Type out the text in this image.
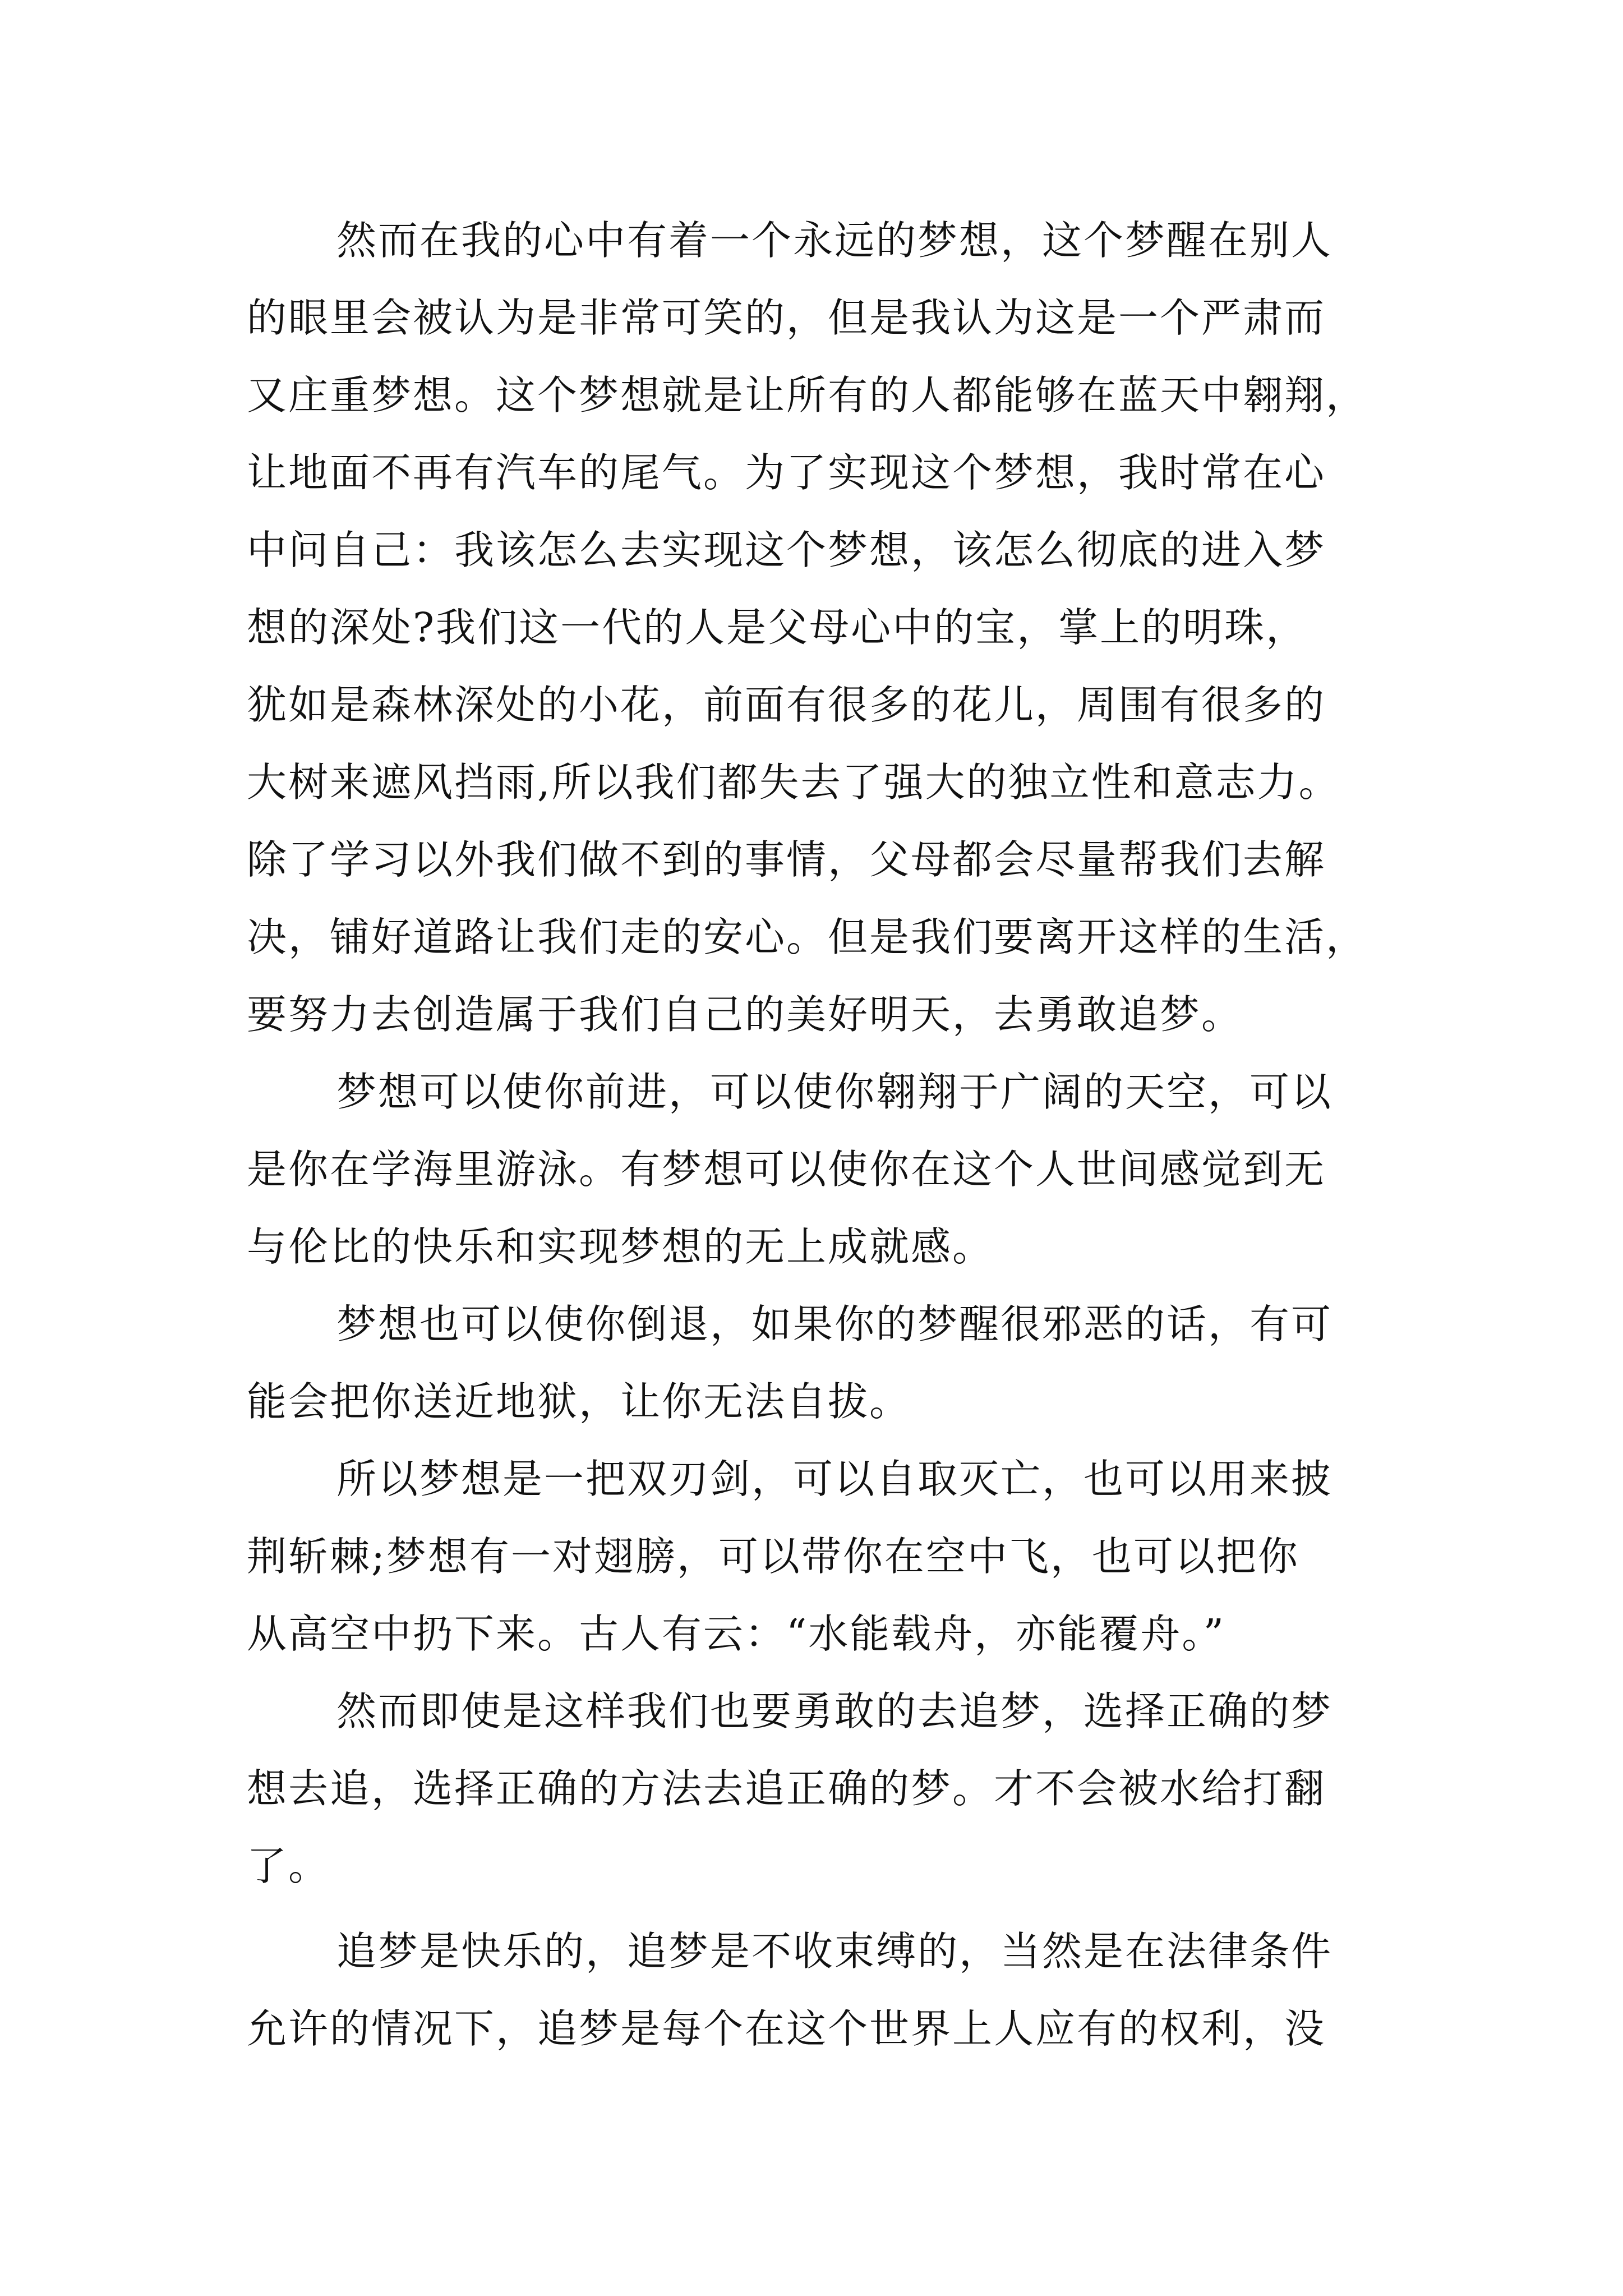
然而在我的心中有着一个永远的梦想，这个梦醒在别人
的眼里会被认为是非常可笑的，但是我认为这是一个严肃而
又庄重梦想。这个梦想就是让所有的人都能够在蓝天中翱翔，
让地面不再有汽车的尾气。为了实现这个梦想，我时常在心
中问自己：我该怎么去实现这个梦想，该怎么彻底的进入梦
想的深处?我们这一代的人是父母心中的宝，掌上的明珠，
犹如是森林深处的小花，前面有很多的花儿，周围有很多的
大树来遮风挡雨,所以我们都失去了强大的独立性和意志力。
除了学习以外我们做不到的事情，父母都会尽量帮我们去解
决，铺好道路让我们走的安心。但是我们要离开这样的生活，
要努力去创造属于我们自己的美好明天，去勇敢追梦。
梦想可以使你前进，可以使你翱翔于广阔的天空，可以
是你在学海里游泳。有梦想可以使你在这个人世间感觉到无
与伦比的快乐和实现梦想的无上成就感。
梦想也可以使你倒退，如果你的梦醒很邪恶的话，有可
能会把你送近地狱，让你无法自拔。
所以梦想是一把双刃剑，可以自取灭亡，也可以用来披
荆斩棘;梦想有一对翅膀，可以带你在空中飞，也可以把你
从高空中扔下来。古人有云：“水能载舟，亦能覆舟。”
然而即使是这样我们也要勇敢的去追梦，选择正确的梦
想去追，选择正确的方法去追正确的梦。才不会被水给打翻
了。
追梦是快乐的，追梦是不收束缚的，当然是在法律条件
允许的情况下，追梦是每个在这个世界上人应有的权利，没
